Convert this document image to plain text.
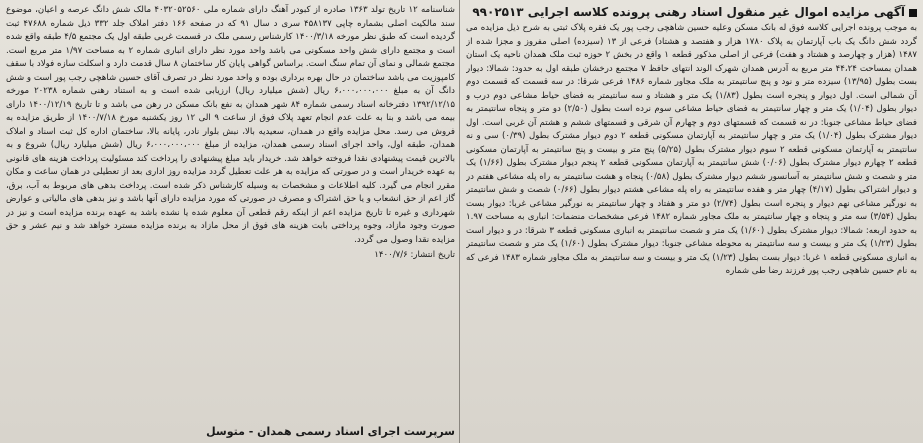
آگهی مزایده اموال غیر منقول اسناد رهنی پرونده کلاسه اجرایی ۹۹۰۲۵۱۳
به موجب پرونده اجرایی کلاسه فوق له بانک مسکن وعلیه حسین شاهچی رجب پور یک فقره پلاک ثبتی به شرح ذیل مزایده می گردد شش دانگ یک باب آپارتمان به پلاک ۱۷۸۰ هزار و هفتصد و هشتاد) فرعی از ۱۳ (سیزده) اصلی مفروز و مجزا شده از ۱۴۸۷ (هزار و چهارصد و هشتاد و هفت) فرعی از اصلی مذکور قطعه ۱ واقع در بخش ۲ حوزه ثبت ملک همدان ناحیه یک استان همدان بمساحت ۴۴،۲۴ متر مربع به آدرس همدان شهرک الوند انتهای حافظ ۷ مجتمع درخشان طبقه اول به حدود: شمالا: دیوار بست بطول (۱۳/۹۵) سیزده متر و نود و پنج سانتیمتر به ملک مجاور شماره ۱۴۸۶ فرعی شرقا: در سه قسمت که قسمت دوم آن شمالی است. اول دیوار و پنجره است بطول (۱/۸۳) یک متر و هشتاد و سه سانتیمتر به فضای حیاط مشاعی دوم درب و دیوار بطول (۱/۰۴) یک متر و چهار سانتیمتر به فضای حیاط مشاعی سوم نرده است بطول (۲/۵۰) دو متر و پنجاه سانتیمتر به فضای حیاط مشاعی جنوبا: در نه قسمت که قسمتهای دوم و چهارم آن شرقی و قسمتهای ششم و هشتم آن غربی است. اول دیوار مشترک بطول (۱/۰۴) یک متر و چهار سانتیمتر به آپارتمان مسکونی قطعه ۲ دوم دیوار مشترک بطول (۰/۳۹) سی و نه سانتیمتر به آپارتمان مسکونی قطعه ۲ سوم دیوار مشترک بطول (۵/۲۵) پنج متر و بیست و پنج سانتیمتر به آپارتمان مسکونی قطعه ۲ چهارم دیوار مشترک بطول (۰/۰۶) شش سانتیمتر به آپارتمان مسکونی قطعه ۲ پنجم دیوار مشترک بطول (۱/۶۶) یک متر و شصت و شش سانتیمتر به آسانسور ششم دیوار مشترک بطول (۰/۵۸) پنجاه و هشت سانتیمتر به راه پله مشاعی هفتم در و دیوار اشتراکی بطول (۴/۱۷) چهار متر و هفده سانتیمتر به راه پله مشاعی هشتم دیوار بطول (۰/۶۶) شصت و شش سانتیمتر به نورگیر مشاعی نهم دیوار و پنجره است بطول (۲/۷۴) دو متر و هفتاد و چهار سانتیمتر به نورگیر مشاعی غربا: دیوار بست بطول (۳/۵۴) سه متر و پنجاه و چهار سانتیمتر به ملک مجاور شماره ۱۴۸۲ فرعی مشخصات منضمات: انباری به مساحت ۱.۹۷ به حدود اربعه: شمالا: دیوار مشترک بطول (۱/۶۰) یک متر و شصت سانتیمتر به انباری مسکونی قطعه ۳ شرقا: در و دیوار است بطول (۱/۲۳) یک متر و بیست و سه سانتیمتر به محوطه مشاعی جنوبا: دیوار مشترک بطول (۱/۶۰) یک متر و شصت سانتیمتر به انباری مسکونی قطعه ۱ غربا: دیوار بست بطول (۱/۲۳) یک متر و بیست و سه سانتیمتر به ملک مجاور شماره ۱۴۸۳ فرعی که به نام حسین شاهچی رجب پور فرزند رضا طی شماره
شناسنامه ۱۲ تاریخ تولد ۱۳۶۳ صادره از کبودر آهنگ دارای شماره ملی ۴۰۳۲۰۵۲۵۶۰ مالک شش دانگ عرصه و اعیان، موضوع سند مالکیت اصلی بشماره چاپی ۴۵۸۱۳۷ سری د سال ۹۱ که در صفحه ۱۶۶ دفتر املاک جلد ۳۳۲ ذیل شماره ۴۷۶۸۸ ثبت گردیده است که طبق نظر مورخه ۱۴۰۰/۳/۱۸ کارشناس رسمی ملک در قسمت غربی طبقه اول یک مجتمع ۴/۵ طبقه واقع شده است و مجتمع دارای شش واحد مسکونی می باشد واحد مورد نظر دارای انباری شماره ۲ به مساحت ۱/۹۷ متر مربع است. مجتمع شمالی و نمای آن تمام سنگ است. براساس گواهی پایان کار ساختمان ۸ سال قدمت دارد و اسکلت سازه فولاد با سقف کامپوزیت می باشد ساختمان در حال بهره برداری بوده و واحد مورد نظر در تصرف آقای حسین شاهچی رجب پور است و شش دانگ آن به مبلغ ۶،۰۰۰،۰۰۰،۰۰۰ ریال (شش میلیارد ریال) ارزیابی شده است و به استناد رهنی شماره ۲۰۲۳۸ مورخه ۱۳۹۲/۱۲/۱۵ دفترخانه اسناد رسمی شماره ۸۴ شهر همدان به نفع بانک مسکن در رهن می باشد و تا تاریخ ۱۴۰۰/۱۲/۱۹ دارای بیمه می باشد و بنا به علت عدم انجام تعهد پلاک فوق از ساعت ۹ الی ۱۲ روز یکشنبه مورخ ۱۴۰۰/۷/۱۸ از طریق مزایده به فروش می رسد. محل مزایده واقع در همدان، سعیدیه بالا، نبش بلوار نادر، پایانه بالا، ساختمان اداره کل ثبت اسناد و املاک همدان، طبقه اول، واحد اجرای اسناد رسمی همدان، مزایده از مبلغ ۶،۰۰۰،۰۰۰،۰۰۰ ریال (شش میلیارد ریال) شروع و به بالاترین قیمت پیشنهادی نقدا فروخته خواهد شد. خریدار باید مبلغ پیشنهادی را پرداخت کند مسئولیت پرداخت هزینه های قانونی به عهده خریدار است و در صورتی که مزایده به هر علت تعطیل گردد مزایده روز اداری بعد از تعطیلی در همان ساعت و مکان مقرر انجام می گیرد. کلیه اطلاعات و مشخصات به وسیله کارشناس ذکر شده است. پرداخت بدهی های مربوط به آب، برق، گاز اعم از حق انشعاب و یا حق اشتراک و مصرف در صورتی که مورد مزایده دارای آنها باشد و نیز بدهی های مالیاتی و عوارض شهرداری و غیره تا تاریخ مزایده اعم از اینکه رقم قطعی آن معلوم شده یا نشده باشد به عهده برنده مزایده است و نیز در صورت وجود مازاد، وجوه پرداختی بابت هزینه های فوق از محل مازاد به برنده مزایده مسترد خواهد شد و نیم عشر و حق مزایده نقدا وصول می گردد.
تاریخ انتشار: ۱۴۰۰/۷/۶
سرپرست اجرای اسناد رسمی همدان - متوسل
